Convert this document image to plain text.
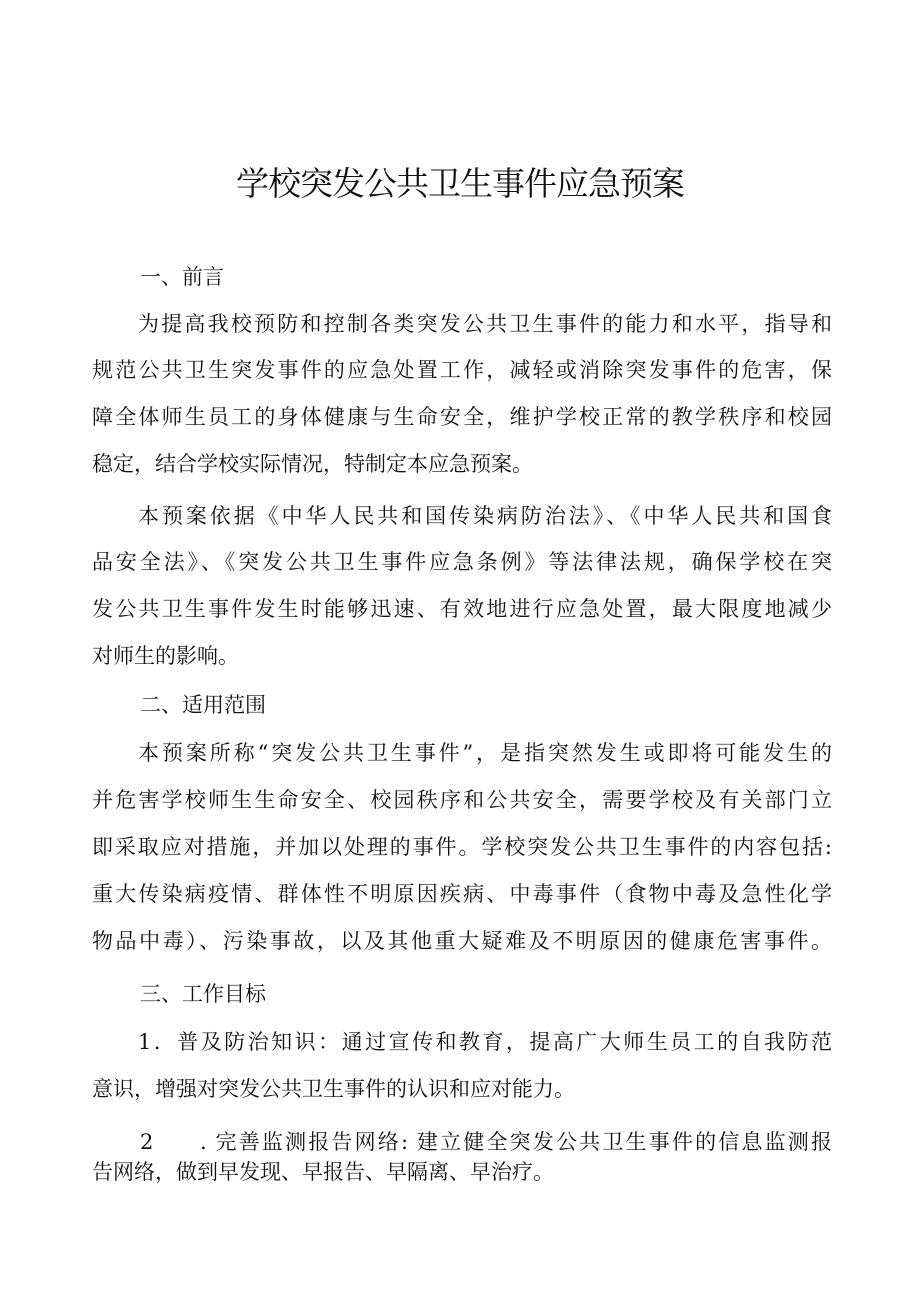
学校突发公共卫生事件应急预案
一、前言
为提高我校预防和控制各类突发公共卫生事件的能力和水平，指导和
规范公共卫生突发事件的应急处置工作，减轻或消除突发事件的危害，保
障全体师生员工的身体健康与生命安全，维护学校正常的教学秩序和校园
稳定，结合学校实际情况，特制定本应急预案。
本预案依据《中华人民共和国传染病防治法》、《中华人民共和国食
品安全法》、《突发公共卫生事件应急条例》等法律法规，确保学校在突
发公共卫生事件发生时能够迅速、有效地进行应急处置，最大限度地减少
对师生的影响。
二、适用范围
本预案所称“突发公共卫生事件”，是指突然发生或即将可能发生的
并危害学校师生生命安全、校园秩序和公共安全，需要学校及有关部门立
即采取应对措施，并加以处理的事件。学校突发公共卫生事件的内容包括:
重大传染病疫情、群体性不明原因疾病、中毒事件（食物中毒及急性化学
物品中毒）、污染事故，以及其他重大疑难及不明原因的健康危害事件。
三、工作目标
1．普及防治知识：通过宣传和教育，提高广大师生员工的自我防范
意识，增强对突发公共卫生事件的认识和应对能力。
2 . 完善监测报告网络: 建立健全突发公共卫生事件的信息监测报
告网络，做到早发现、早报告、早隔离、早治疗。
